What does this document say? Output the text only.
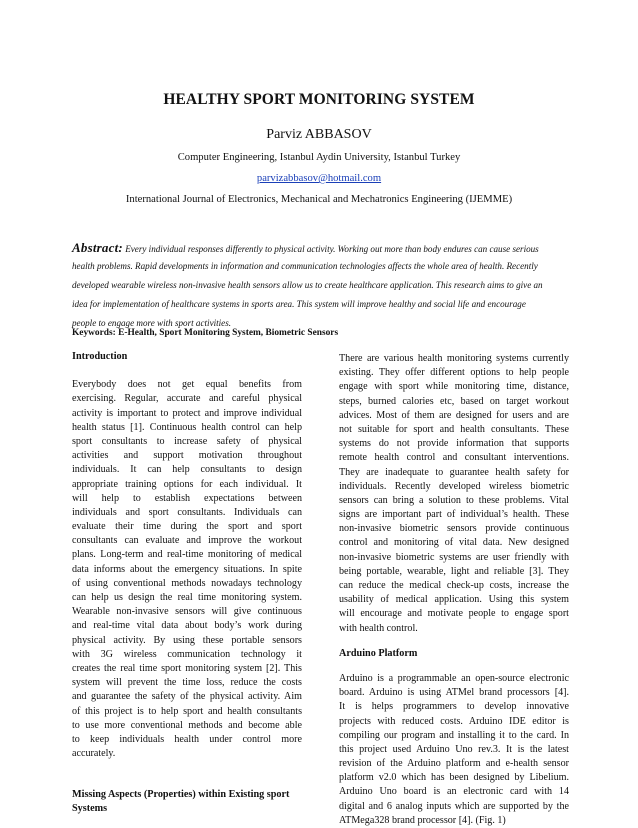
HEALTHY SPORT MONITORING SYSTEM
Parviz ABBASOV
Computer Engineering, Istanbul Aydin University, Istanbul Turkey
parvizabbasov@hotmail.com
International Journal of Electronics, Mechanical and Mechatronics Engineering (IJEMME)
Abstract: Every individual responses differently to physical activity. Working out more than body endures can cause serious
health problems. Rapid developments in information and communication technologies affects the whole area of health. Recently
developed wearable wireless non-invasive health sensors allow us to create healthcare application. This research aims to give an
idea for implementation of healthcare systems in sports area. This system will improve healthy and social life and encourage
people to engage more with sport activities.
Keywords: E-Health, Sport Monitoring System, Biometric Sensors
Introduction
Everybody does not get equal benefits from
exercising. Regular, accurate and careful physical
activity is important to protect and improve individual
health status [1]. Continuous health control can help
sport consultants to increase safety of physical
activities and support motivation throughout
individuals. It can help consultants to design
appropriate training options for each individual. It
will help to establish expectations between
individuals and sport consultants. Individuals can
evaluate their time during the sport and sport
consultants can evaluate and improve the workout
plans. Long-term and real-time monitoring of medical
data informs about the emergency situations. In spite
of using conventional methods nowadays technology
can help us design the real time monitoring system.
Wearable non-invasive sensors will give continuous
and real-time vital data about body’s work during
physical activity. By using these portable sensors
with 3G wireless communication technology it
creates the real time sport monitoring system [2]. This
system will prevent the time loss, reduce the costs
and guarantee the safety of the physical activity. Aim
of this project is to help sport and health consultants
to use more conventional methods and become able
to keep individuals health under control more
accurately.
Missing Aspects (Properties) within Existing sport
Systems
There are various health monitoring systems currently
existing. They offer different options to help people
engage with sport while monitoring time, distance,
steps, burned calories etc, based on target workout
advices. Most of them are designed for users and are
not suitable for sport and health consultants. These
systems do not provide information that supports
remote health control and consultant interventions.
They are inadequate to guarantee health safety for
individuals. Recently developed wireless biometric
sensors can bring a solution to these problems. Vital
signs are important part of individual’s health. These
non-invasive biometric sensors provide continuous
control and monitoring of vital data. New designed
non-invasive biometric systems are user friendly with
being portable, wearable, light and reliable [3]. They
can reduce the medical check-up costs, increase the
usability of medical application. Using this system
will encourage and motivate people to engage sport
with health control.
Arduino Platform
Arduino is a programmable an open-source electronic
board. Arduino is using ATMel brand processors [4].
It is helps programmers to develop innovative
projects with reduced costs. Arduino IDE editor is
compiling our program and installing it to the card. In
this project used Arduino Uno rev.3. It is the latest
revision of the Arduino platform and e-health sensor
platform v2.0 which has been designed by Libelium.
Arduino Uno board is an electronic card with 14
digital and 6 analog inputs which are supported by the
ATMega328 brand processor [4]. (Fig. 1)
